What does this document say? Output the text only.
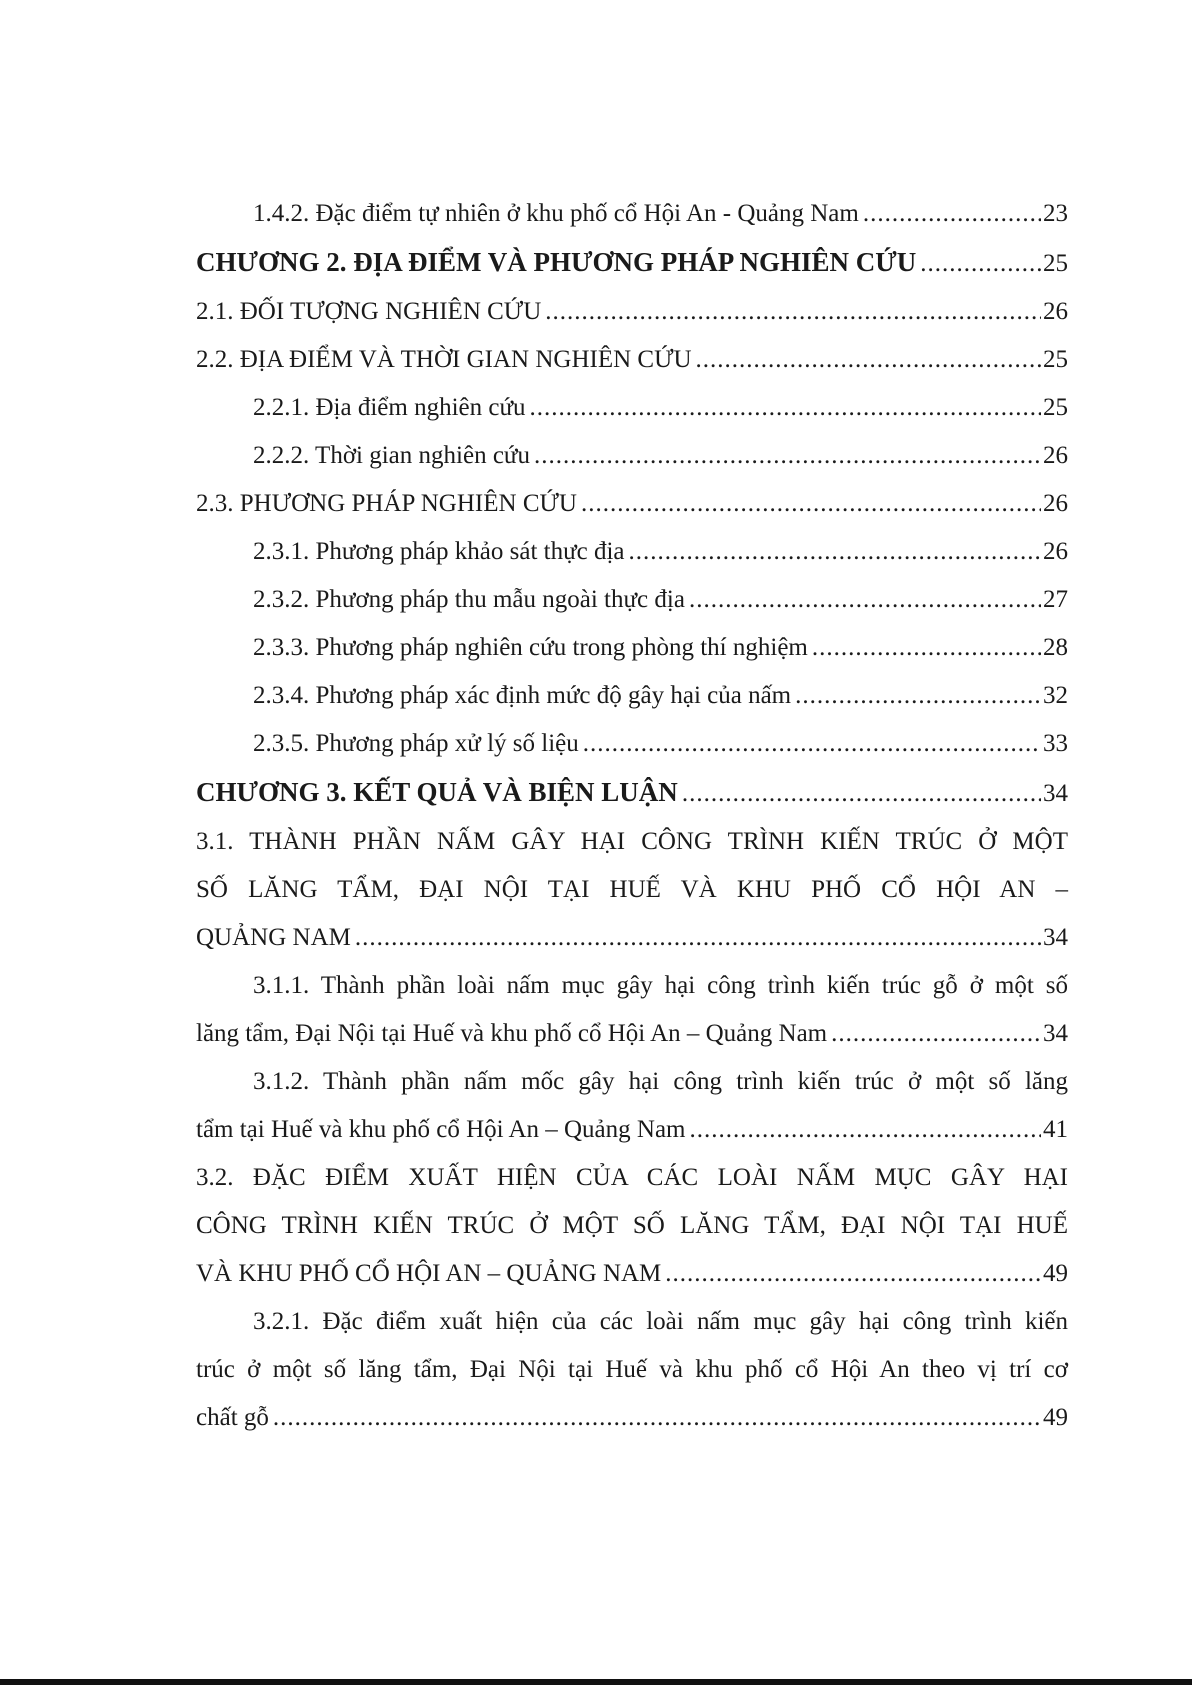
1.4.2. Đặc điểm tự nhiên ở khu phố cổ Hội An - Quảng Nam .....	23
CHƯƠNG 2. ĐỊA ĐIỂM VÀ PHƯƠNG PHÁP NGHIÊN CỨU .....	25
2.1. ĐỐI TƯỢNG NGHIÊN CỨU .....	26
2.2. ĐỊA ĐIỂM VÀ THỜI GIAN NGHIÊN CỨU .....	25
2.2.1. Địa điểm nghiên cứu .....	25
2.2.2. Thời gian nghiên cứu .....	26
2.3. PHƯƠNG PHÁP NGHIÊN CỨU .....	26
2.3.1. Phương pháp khảo sát thực địa .....	26
2.3.2. Phương pháp thu mẫu ngoài thực địa .....	27
2.3.3. Phương pháp nghiên cứu trong phòng thí nghiệm .....	28
2.3.4. Phương pháp xác định mức độ gây hại của nấm .....	32
2.3.5. Phương pháp xử lý số liệu .....	33
CHƯƠNG 3. KẾT QUẢ VÀ BIỆN LUẬN .....	34
3.1. THÀNH PHẦN NẤM GÂY HẠI CÔNG TRÌNH KIẾN TRÚC Ở MỘT
SỐ LĂNG TẨM, ĐẠI NỘI TẠI HUẾ VÀ KHU PHỐ CỔ HỘI AN –
QUẢNG NAM .....	34
3.1.1. Thành phần loài nấm mục gây hại công trình kiến trúc gỗ ở một số
lăng tẩm, Đại Nội tại Huế và khu phố cổ Hội An – Quảng Nam .....	34
3.1.2. Thành phần nấm mốc gây hại công trình kiến trúc ở một số lăng
tẩm tại Huế và khu phố cổ Hội An – Quảng Nam .....	41
3.2. ĐẶC ĐIỂM XUẤT HIỆN CỦA CÁC LOÀI NẤM MỤC GÂY HẠI
CÔNG TRÌNH KIẾN TRÚC Ở MỘT SỐ LĂNG TẨM, ĐẠI NỘI TẠI HUẾ
VÀ KHU PHỐ CỔ HỘI AN – QUẢNG NAM .....	49
3.2.1. Đặc điểm xuất hiện của các loài nấm mục gây hại công trình kiến
trúc ở một số lăng tẩm, Đại Nội tại Huế và khu phố cổ Hội An theo vị trí cơ
chất gỗ .....	49
